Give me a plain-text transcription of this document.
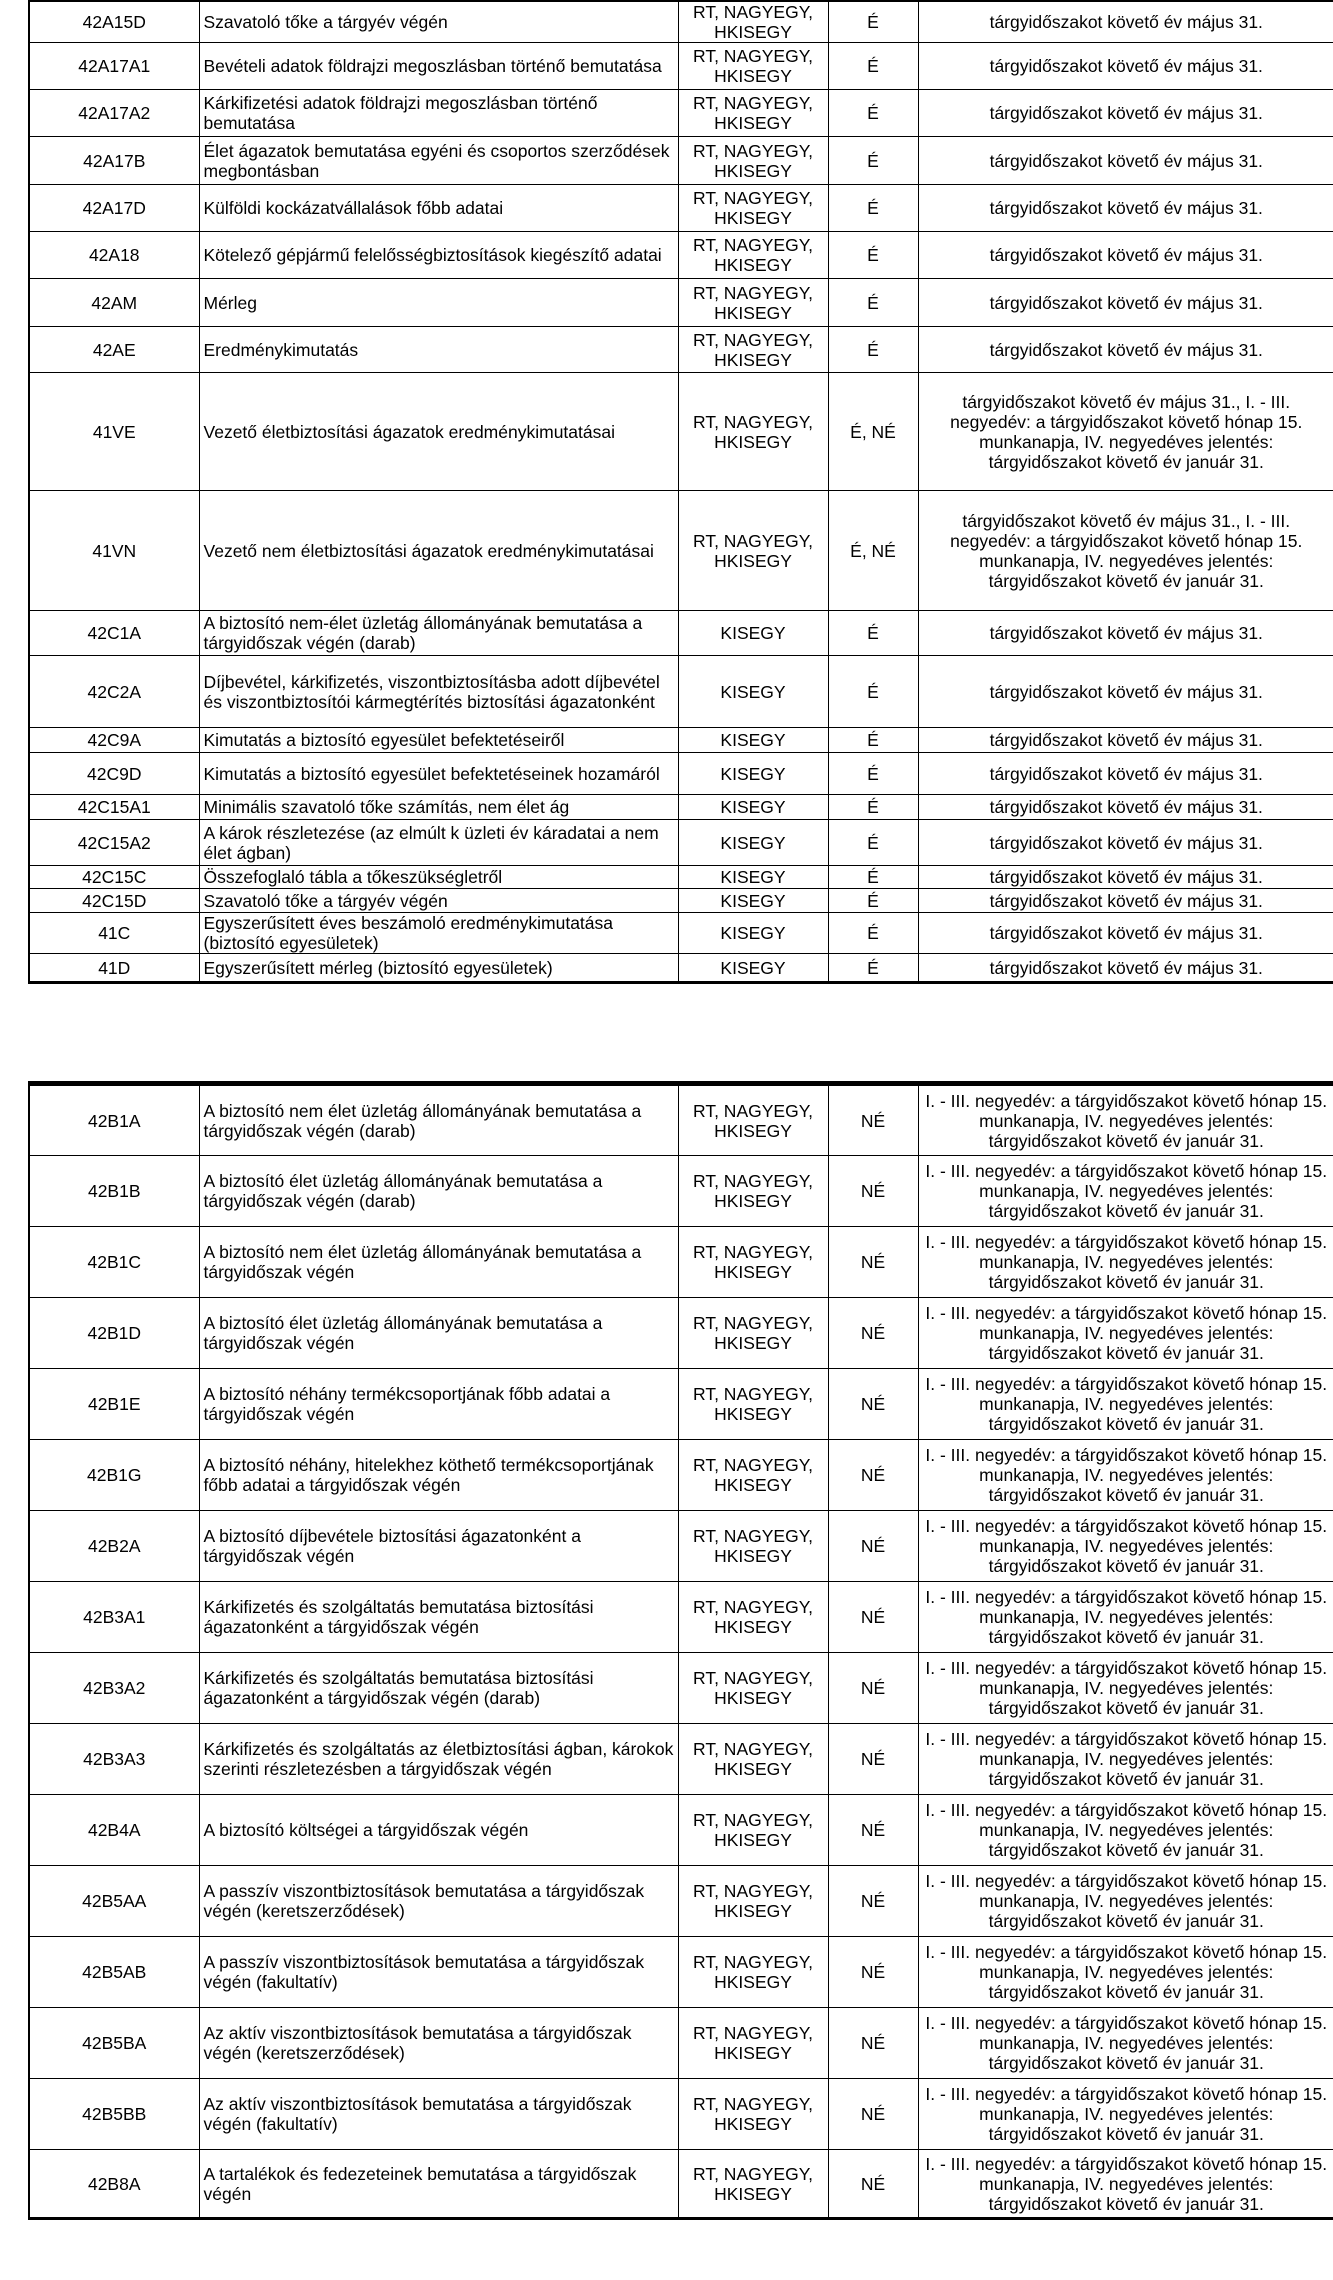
42A15D	Szavatoló tőke a tárgyév végén	RT, NAGYEGY, HKISEGY	É	tárgyidőszakot követő év május 31.
42A17A1	Bevételi adatok földrajzi megoszlásban történő bemutatása	RT, NAGYEGY, HKISEGY	É	tárgyidőszakot követő év május 31.
42A17A2	Kárkifizetési adatok földrajzi megoszlásban történő bemutatása	RT, NAGYEGY, HKISEGY	É	tárgyidőszakot követő év május 31.
42A17B	Élet ágazatok bemutatása egyéni és csoportos szerződések megbontásban	RT, NAGYEGY, HKISEGY	É	tárgyidőszakot követő év május 31.
42A17D	Külföldi kockázatvállalások főbb adatai	RT, NAGYEGY, HKISEGY	É	tárgyidőszakot követő év május 31.
42A18	Kötelező gépjármű felelősségbiztosítások kiegészítő adatai	RT, NAGYEGY, HKISEGY	É	tárgyidőszakot követő év május 31.
42AM	Mérleg	RT, NAGYEGY, HKISEGY	É	tárgyidőszakot követő év május 31.
42AE	Eredménykimutatás	RT, NAGYEGY, HKISEGY	É	tárgyidőszakot követő év május 31.
41VE	Vezető életbiztosítási ágazatok eredménykimutatásai	RT, NAGYEGY, HKISEGY	É, NÉ	tárgyidőszakot követő év május 31., I. - III. negyedév: a tárgyidőszakot követő hónap 15. munkanapja, IV. negyedéves jelentés: tárgyidőszakot követő év január 31.
41VN	Vezető nem életbiztosítási ágazatok eredménykimutatásai	RT, NAGYEGY, HKISEGY	É, NÉ	tárgyidőszakot követő év május 31., I. - III. negyedév: a tárgyidőszakot követő hónap 15. munkanapja, IV. negyedéves jelentés: tárgyidőszakot követő év január 31.
42C1A	A biztosító nem-élet üzletág állományának bemutatása a tárgyidőszak végén (darab)	KISEGY	É	tárgyidőszakot követő év május 31.
42C2A	Díjbevétel, kárkifizetés, viszontbiztosításba adott díjbevétel és viszontbiztosítói kármegtérítés biztosítási ágazatonként	KISEGY	É	tárgyidőszakot követő év május 31.
42C9A	Kimutatás a biztosító egyesület befektetéseiről	KISEGY	É	tárgyidőszakot követő év május 31.
42C9D	Kimutatás a biztosító egyesület befektetéseinek hozamáról	KISEGY	É	tárgyidőszakot követő év május 31.
42C15A1	Minimális szavatoló tőke számítás, nem élet ág	KISEGY	É	tárgyidőszakot követő év május 31.
42C15A2	A károk részletezése (az elmúlt k üzleti év káradatai a nem élet ágban)	KISEGY	É	tárgyidőszakot követő év május 31.
42C15C	Összefoglaló tábla a tőkeszükségletről	KISEGY	É	tárgyidőszakot követő év május 31.
42C15D	Szavatoló tőke a tárgyév végén	KISEGY	É	tárgyidőszakot követő év május 31.
41C	Egyszerűsített éves beszámoló eredménykimutatása (biztosító egyesületek)	KISEGY	É	tárgyidőszakot követő év május 31.
41D	Egyszerűsített mérleg (biztosító egyesületek)	KISEGY	É	tárgyidőszakot követő év május 31.
42B1A	A biztosító nem élet üzletág állományának bemutatása a tárgyidőszak végén (darab)	RT, NAGYEGY, HKISEGY	NÉ	I. - III. negyedév: a tárgyidőszakot követő hónap 15. munkanapja, IV. negyedéves jelentés: tárgyidőszakot követő év január 31.
42B1B	A biztosító élet üzletág állományának bemutatása a tárgyidőszak végén (darab)	RT, NAGYEGY, HKISEGY	NÉ	I. - III. negyedév: a tárgyidőszakot követő hónap 15. munkanapja, IV. negyedéves jelentés: tárgyidőszakot követő év január 31.
42B1C	A biztosító nem élet üzletág állományának bemutatása a tárgyidőszak végén	RT, NAGYEGY, HKISEGY	NÉ	I. - III. negyedév: a tárgyidőszakot követő hónap 15. munkanapja, IV. negyedéves jelentés: tárgyidőszakot követő év január 31.
42B1D	A biztosító élet üzletág állományának bemutatása a tárgyidőszak végén	RT, NAGYEGY, HKISEGY	NÉ	I. - III. negyedév: a tárgyidőszakot követő hónap 15. munkanapja, IV. negyedéves jelentés: tárgyidőszakot követő év január 31.
42B1E	A biztosító néhány termékcsoportjának főbb adatai a tárgyidőszak végén	RT, NAGYEGY, HKISEGY	NÉ	I. - III. negyedév: a tárgyidőszakot követő hónap 15. munkanapja, IV. negyedéves jelentés: tárgyidőszakot követő év január 31.
42B1G	A biztosító néhány, hitelekhez köthető termékcsoportjának főbb adatai a tárgyidőszak végén	RT, NAGYEGY, HKISEGY	NÉ	I. - III. negyedév: a tárgyidőszakot követő hónap 15. munkanapja, IV. negyedéves jelentés: tárgyidőszakot követő év január 31.
42B2A	A biztosító díjbevétele biztosítási ágazatonként a tárgyidőszak végén	RT, NAGYEGY, HKISEGY	NÉ	I. - III. negyedév: a tárgyidőszakot követő hónap 15. munkanapja, IV. negyedéves jelentés: tárgyidőszakot követő év január 31.
42B3A1	Kárkifizetés és szolgáltatás bemutatása biztosítási ágazatonként a tárgyidőszak végén	RT, NAGYEGY, HKISEGY	NÉ	I. - III. negyedév: a tárgyidőszakot követő hónap 15. munkanapja, IV. negyedéves jelentés: tárgyidőszakot követő év január 31.
42B3A2	Kárkifizetés és szolgáltatás bemutatása biztosítási ágazatonként a tárgyidőszak végén (darab)	RT, NAGYEGY, HKISEGY	NÉ	I. - III. negyedév: a tárgyidőszakot követő hónap 15. munkanapja, IV. negyedéves jelentés: tárgyidőszakot követő év január 31.
42B3A3	Kárkifizetés és szolgáltatás az életbiztosítási ágban, károkok szerinti részletezésben a tárgyidőszak végén	RT, NAGYEGY, HKISEGY	NÉ	I. - III. negyedév: a tárgyidőszakot követő hónap 15. munkanapja, IV. negyedéves jelentés: tárgyidőszakot követő év január 31.
42B4A	A biztosító költségei a tárgyidőszak végén	RT, NAGYEGY, HKISEGY	NÉ	I. - III. negyedév: a tárgyidőszakot követő hónap 15. munkanapja, IV. negyedéves jelentés: tárgyidőszakot követő év január 31.
42B5AA	A passzív viszontbiztosítások bemutatása a tárgyidőszak végén (keretszerződések)	RT, NAGYEGY, HKISEGY	NÉ	I. - III. negyedév: a tárgyidőszakot követő hónap 15. munkanapja, IV. negyedéves jelentés: tárgyidőszakot követő év január 31.
42B5AB	A passzív viszontbiztosítások bemutatása a tárgyidőszak végén (fakultatív)	RT, NAGYEGY, HKISEGY	NÉ	I. - III. negyedév: a tárgyidőszakot követő hónap 15. munkanapja, IV. negyedéves jelentés: tárgyidőszakot követő év január 31.
42B5BA	Az aktív viszontbiztosítások bemutatása a tárgyidőszak végén (keretszerződések)	RT, NAGYEGY, HKISEGY	NÉ	I. - III. negyedév: a tárgyidőszakot követő hónap 15. munkanapja, IV. negyedéves jelentés: tárgyidőszakot követő év január 31.
42B5BB	Az aktív viszontbiztosítások bemutatása a tárgyidőszak végén (fakultatív)	RT, NAGYEGY, HKISEGY	NÉ	I. - III. negyedév: a tárgyidőszakot követő hónap 15. munkanapja, IV. negyedéves jelentés: tárgyidőszakot követő év január 31.
42B8A	A tartalékok és fedezeteinek bemutatása a tárgyidőszak végén	RT, NAGYEGY, HKISEGY	NÉ	I. - III. negyedév: a tárgyidőszakot követő hónap 15. munkanapja, IV. negyedéves jelentés: tárgyidőszakot követő év január 31.
